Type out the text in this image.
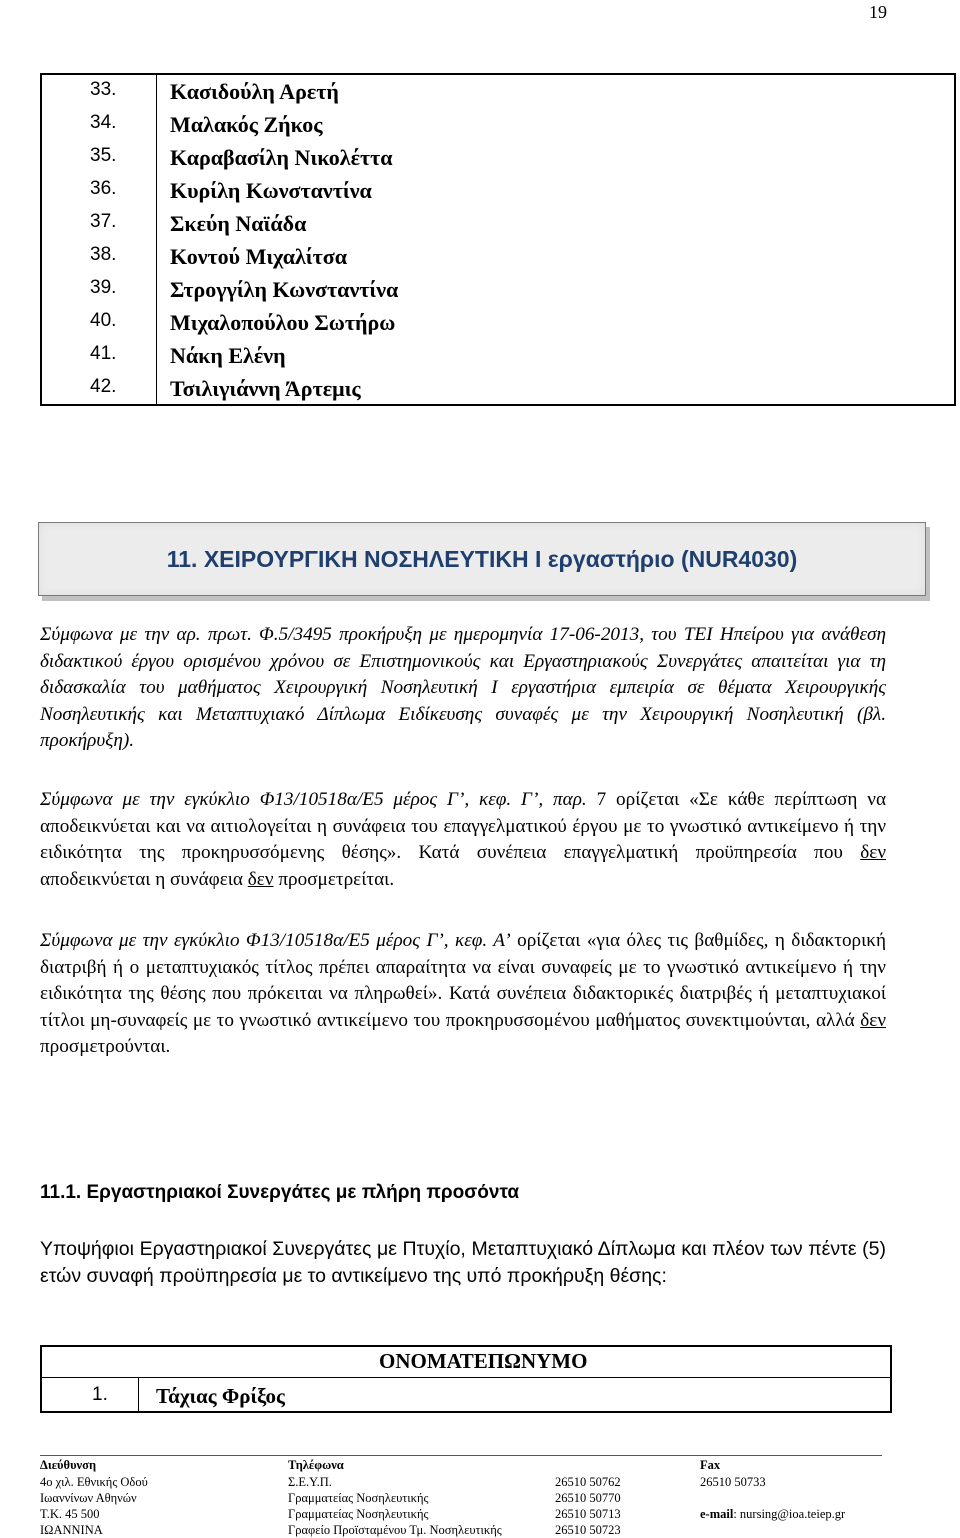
19
33. Κασιδούλη Αρετή
34. Μαλακός Ζήκος
35. Καραβασίλη Νικολέττα
36. Κυρίλη Κωνσταντίνα
37. Σκεύη Ναϊάδα
38. Κοντού Μιχαλίτσα
39. Στρογγίλη Κωνσταντίνα
40. Μιχαλοπούλου Σωτήρω
41. Νάκη Ελένη
42. Τσιλιγιάννη Άρτεμις
11. ΧΕΙΡΟΥΡΓΙΚΗ ΝΟΣΗΛΕΥΤΙΚΗ Ι εργαστήριο (NUR4030)
Σύμφωνα με την αρ. πρωτ. Φ.5/3495 προκήρυξη με ημερομηνία 17-06-2013, του ΤΕΙ Ηπείρου για ανάθεση διδακτικού έργου ορισμένου χρόνου σε Επιστημονικούς και Εργαστηριακούς Συνεργάτες απαιτείται για τη διδασκαλία του μαθήματος Χειρουργική Νοσηλευτική Ι εργαστήρια εμπειρία σε θέματα Χειρουργικής Νοσηλευτικής και Μεταπτυχιακό Δίπλωμα Ειδίκευσης συναφές με την Χειρουργική Νοσηλευτική (βλ. προκήρυξη).
Σύμφωνα με την εγκύκλιο Φ13/10518α/Ε5 μέρος Γ’, κεφ. Γ’, παρ. 7 ορίζεται «Σε κάθε περίπτωση να αποδεικνύεται και να αιτιολογείται η συνάφεια του επαγγελματικού έργου με το γνωστικό αντικείμενο ή την ειδικότητα της προκηρυσσόμενης θέσης». Κατά συνέπεια επαγγελματική προϋπηρεσία που δεν αποδεικνύεται η συνάφεια δεν προσμετρείται.
Σύμφωνα με την εγκύκλιο Φ13/10518α/Ε5 μέρος Γ’, κεφ. Α’ ορίζεται «για όλες τις βαθμίδες, η διδακτορική διατριβή ή ο μεταπτυχιακός τίτλος πρέπει απαραίτητα να είναι συναφείς με το γνωστικό αντικείμενο ή την ειδικότητα της θέσης που πρόκειται να πληρωθεί». Κατά συνέπεια διδακτορικές διατριβές ή μεταπτυχιακοί τίτλοι μη-συναφείς με το γνωστικό αντικείμενο του προκηρυσσομένου μαθήματος συνεκτιμούνται, αλλά δεν προσμετρούνται.
11.1. Εργαστηριακοί Συνεργάτες με πλήρη προσόντα
Υποψήφιοι Εργαστηριακοί Συνεργάτες με Πτυχίο, Μεταπτυχιακό Δίπλωμα και πλέον των πέντε (5) ετών συναφή προϋπηρεσία με το αντικείμενο της υπό προκήρυξη θέσης:
ΟΝΟΜΑΤΕΠΩΝΥΜΟ
1. Τάχιας Φρίξος
Διεύθυνση	Τηλέφωνα	Fax
4ο χιλ. Εθνικής Οδού
Ιωαννίνων Αθηνών
Τ.Κ. 45 500
ΙΩΑΝΝΙΝΑ
Σ.Ε.Υ.Π.
Γραμματείας Νοσηλευτικής
Γραμματείας Νοσηλευτικής
Γραφείο Προϊσταμένου Τμ. Νοσηλευτικής
26510 50762
26510 50770
26510 50713
26510 50723
26510 50733
e-mail: nursing@ioa.teiep.gr
